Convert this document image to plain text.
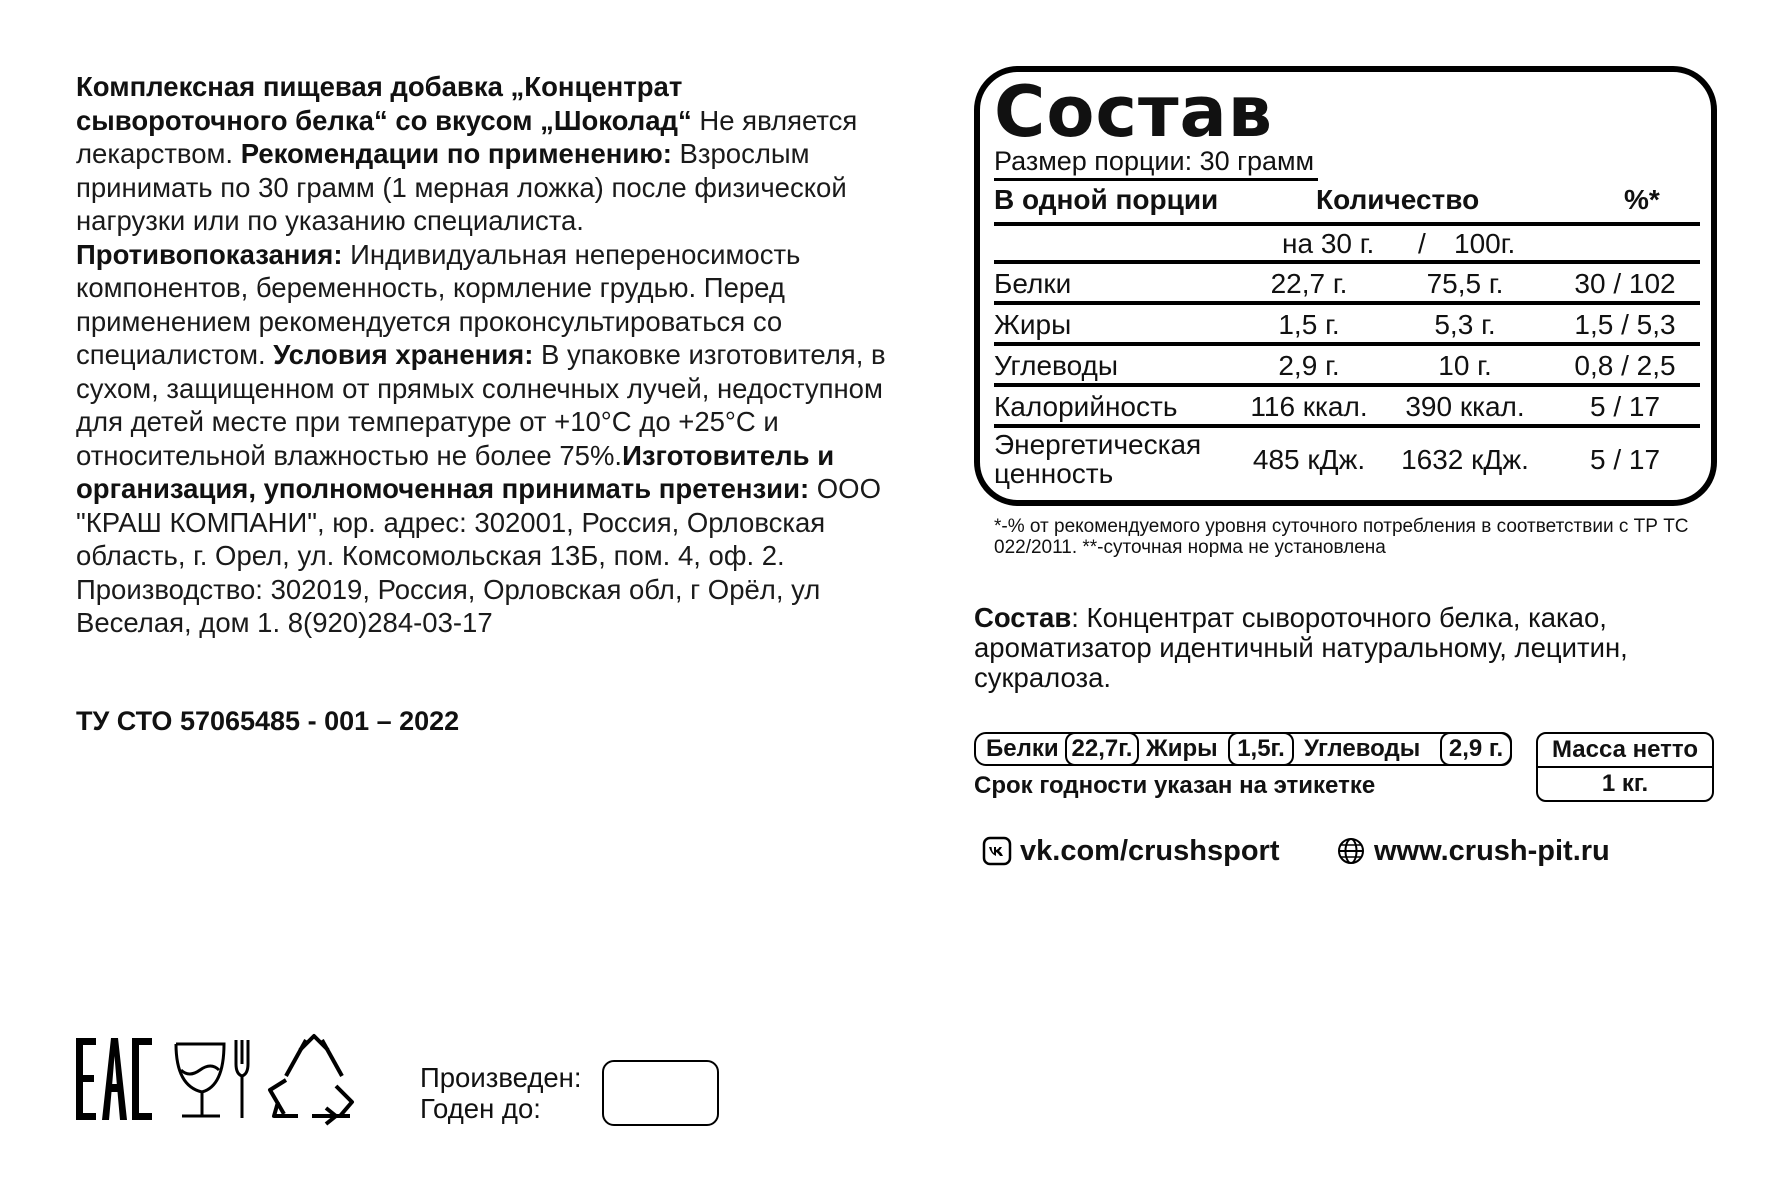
Комплексная пищевая добавка „Концентрат сывороточного белка“ со вкусом „Шоколад“ Не является лекарством. Рекомендации по применению: Взрослым принимать по 30 грамм (1 мерная ложка) после физической нагрузки или по указанию специалиста.
Противопоказания: Индивидуальная непереносимость компонентов, беременность, кормление грудью. Перед применением рекомендуется проконсультироваться со специалистом. Условия хранения: В упаковке изготовителя, в сухом, защищенном от прямых солнечных лучей, недоступном для детей месте при температуре от +10°С до +25°С и относительной влажностью не более 75%.Изготовитель и организация, уполномоченная принимать претензии: ООО "КРАШ КОМПАНИ", юр. адрес: 302001, Россия, Орловская область, г. Орел, ул. Комсомольская 13Б, пом. 4, оф. 2. Производство: 302019, Россия, Орловская обл, г Орёл, ул Веселая, дом 1. 8(920)284-03-17
ТУ СТО 57065485 - 001 – 2022
Состав
Размер порции: 30 грамм
В одной порции	Количество	%*
на 30 г. / 100г.
Белки	22,7 г.	75,5 г.	30 / 102
Жиры	1,5 г.	5,3 г.	1,5 / 5,3
Углеводы	2,9 г.	10 г.	0,8 / 2,5
Калорийность	116 ккал.	390 ккал.	5 / 17
Энергетическая
ценность	485 кДж.	1632 кДж.	5 / 17
*-% от рекомендуемого уровня суточного потребления в соответствии с ТР ТС 022/2011. **-суточная норма не установлена
Состав: Концентрат сывороточного белка, какао, ароматизатор идентичный натуральному, лецитин, сукралоза.
Белки 22,7г. Жиры 1,5г. Углеводы	2,9 г.
Срок годности указан на этикетке
Масса нетто
1 кг.
vk.com/crushsport	www.crush-pit.ru
Произведен:
Годен до:
